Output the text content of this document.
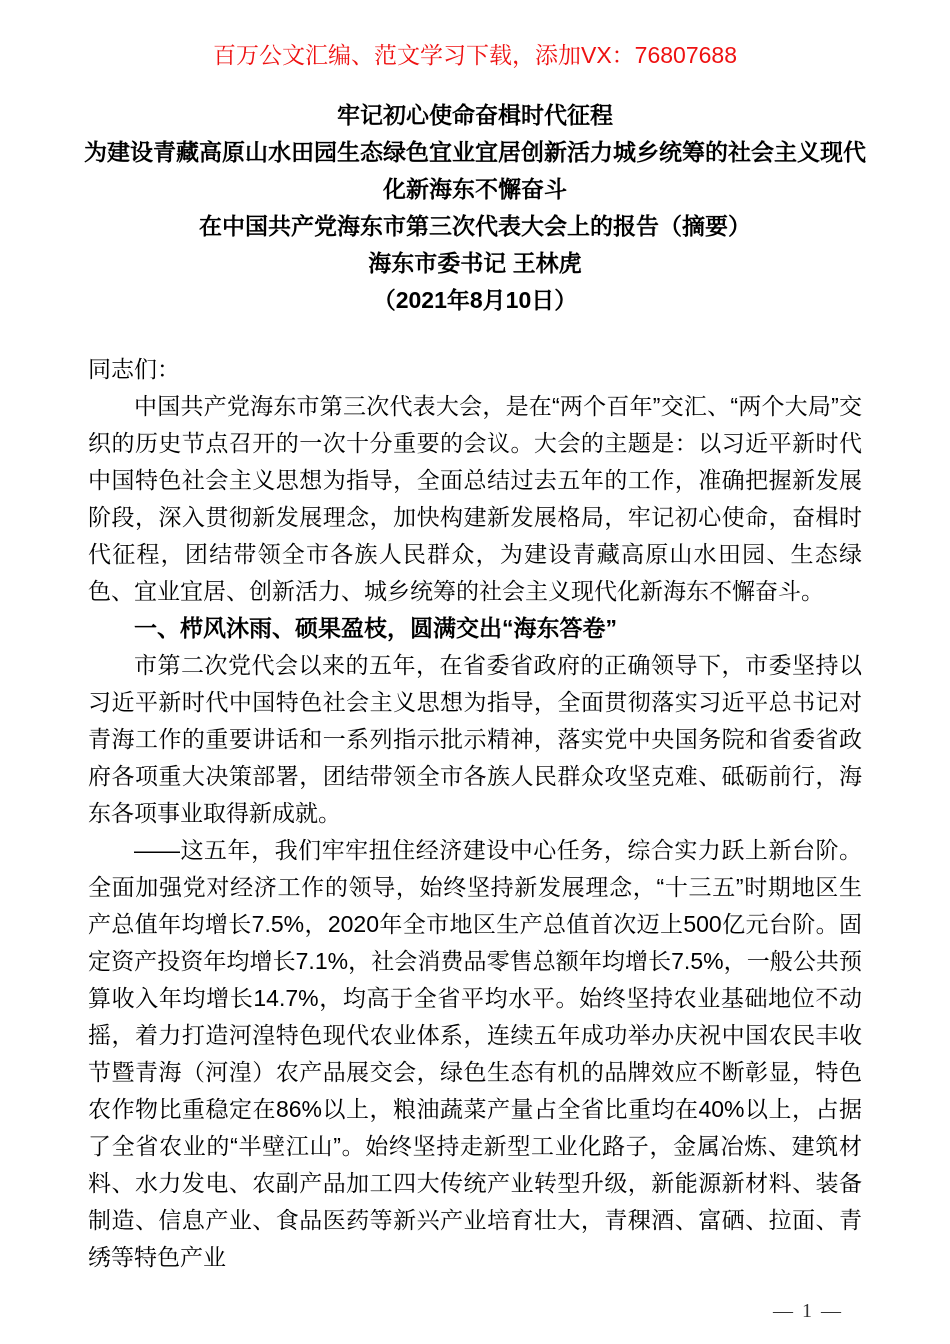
百万公文汇编、范文学习下载，添加VX：76807688
牢记初心使命奋楫时代征程
为建设青藏高原山水田园生态绿色宜业宜居创新活力城乡统筹的社会主义现代化新海东不懈奋斗
在中国共产党海东市第三次代表大会上的报告（摘要）
海东市委书记 王林虎
（2021年8月10日）

同志们：

中国共产党海东市第三次代表大会，是在“两个百年”交汇、“两个大局”交织的历史节点召开的一次十分重要的会议。大会的主题是：以习近平新时代中国特色社会主义思想为指导，全面总结过去五年的工作，准确把握新发展阶段，深入贯彻新发展理念，加快构建新发展格局，牢记初心使命，奋楫时代征程，团结带领全市各族人民群众，为建设青藏高原山水田园、生态绿色、宜业宜居、创新活力、城乡统筹的社会主义现代化新海东不懈奋斗。

一、栉风沐雨、硕果盈枝，圆满交出“海东答卷”

市第二次党代会以来的五年，在省委省政府的正确领导下，市委坚持以习近平新时代中国特色社会主义思想为指导，全面贯彻落实习近平总书记对青海工作的重要讲话和一系列指示批示精神，落实党中央国务院和省委省政府各项重大决策部署，团结带领全市各族人民群众攻坚克难、砥砺前行，海东各项事业取得新成就。

——这五年，我们牢牢扭住经济建设中心任务，综合实力跃上新台阶。全面加强党对经济工作的领导，始终坚持新发展理念，“十三五”时期地区生产总值年均增长7.5%，2020年全市地区生产总值首次迈上500亿元台阶。固定资产投资年均增长7.1%，社会消费品零售总额年均增长7.5%，一般公共预算收入年均增长14.7%，均高于全省平均水平。始终坚持农业基础地位不动摇，着力打造河湟特色现代农业体系，连续五年成功举办庆祝中国农民丰收节暨青海（河湟）农产品展交会，绿色生态有机的品牌效应不断彰显，特色农作物比重稳定在86%以上，粮油蔬菜产量占全省比重均在40%以上，占据了全省农业的“半壁江山”。始终坚持走新型工业化路子，金属冶炼、建筑材料、水力发电、农副产品加工四大传统产业转型升级，新能源新材料、装备制造、信息产业、食品医药等新兴产业培育壮大，青稞酒、富硒、拉面、青绣等特色产业

— 1 —
